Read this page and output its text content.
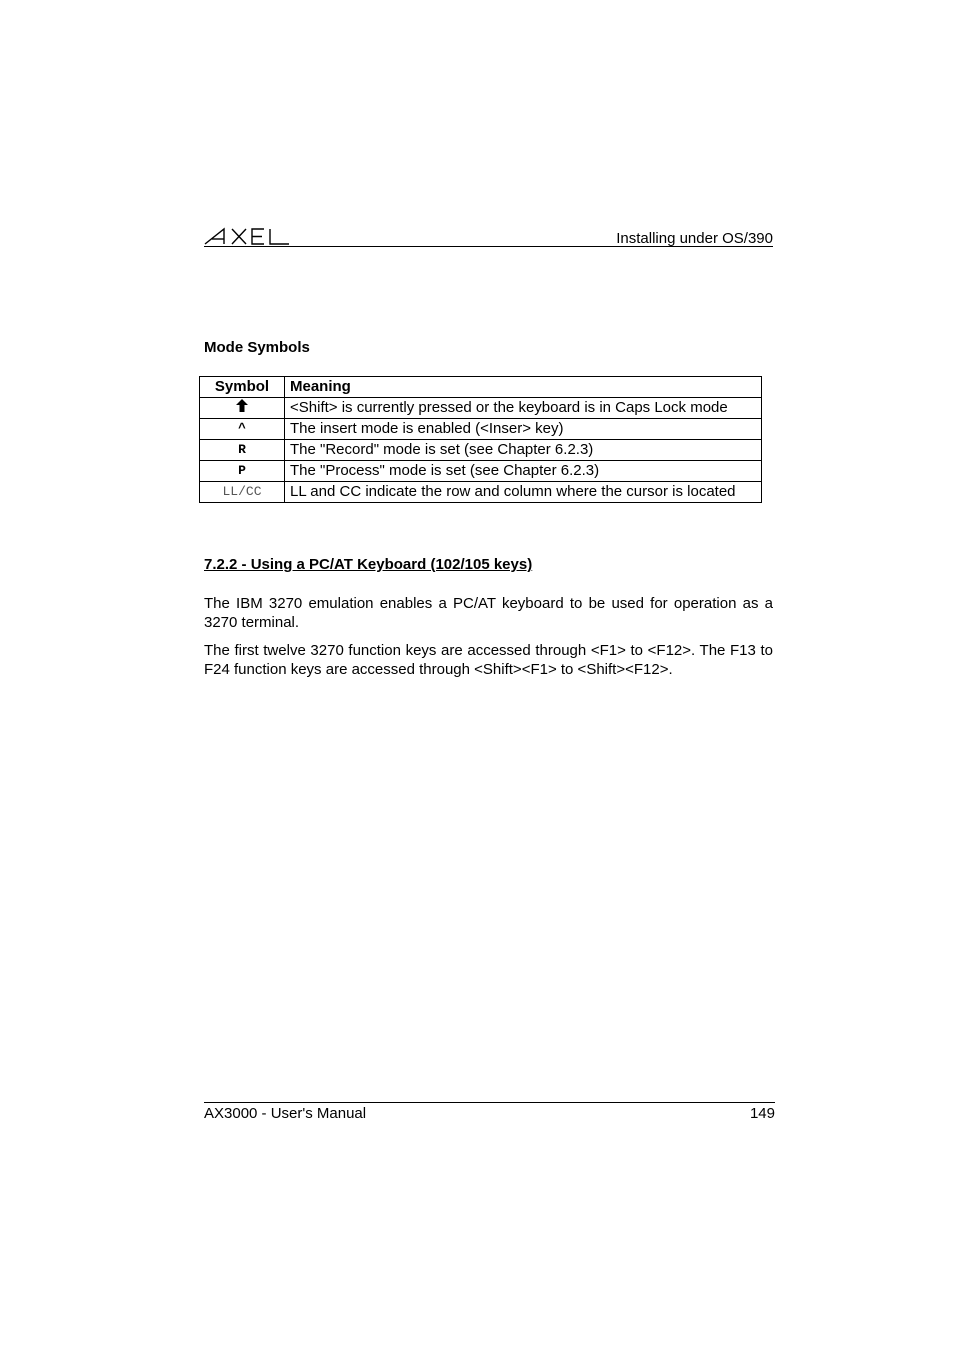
Installing under OS/390
Mode Symbols
Symbol	Meaning
	<Shift> is currently pressed or the keyboard is in Caps Lock mode
^	The insert mode is enabled (<Inser> key)
R	The "Record" mode is set (see Chapter 6.2.3)
P	The "Process" mode is set (see Chapter 6.2.3)
LL/CC	LL and CC indicate the row and column where the cursor is located
7.2.2 - Using a PC/AT Keyboard (102/105 keys)

The IBM 3270 emulation enables a PC/AT keyboard to be used for operation as a 3270 terminal.

The first twelve 3270 function keys are accessed through <F1> to <F12>. The F13 to F24 function keys are accessed through <Shift><F1> to <Shift><F12>.

AX3000 - User's Manual	149
